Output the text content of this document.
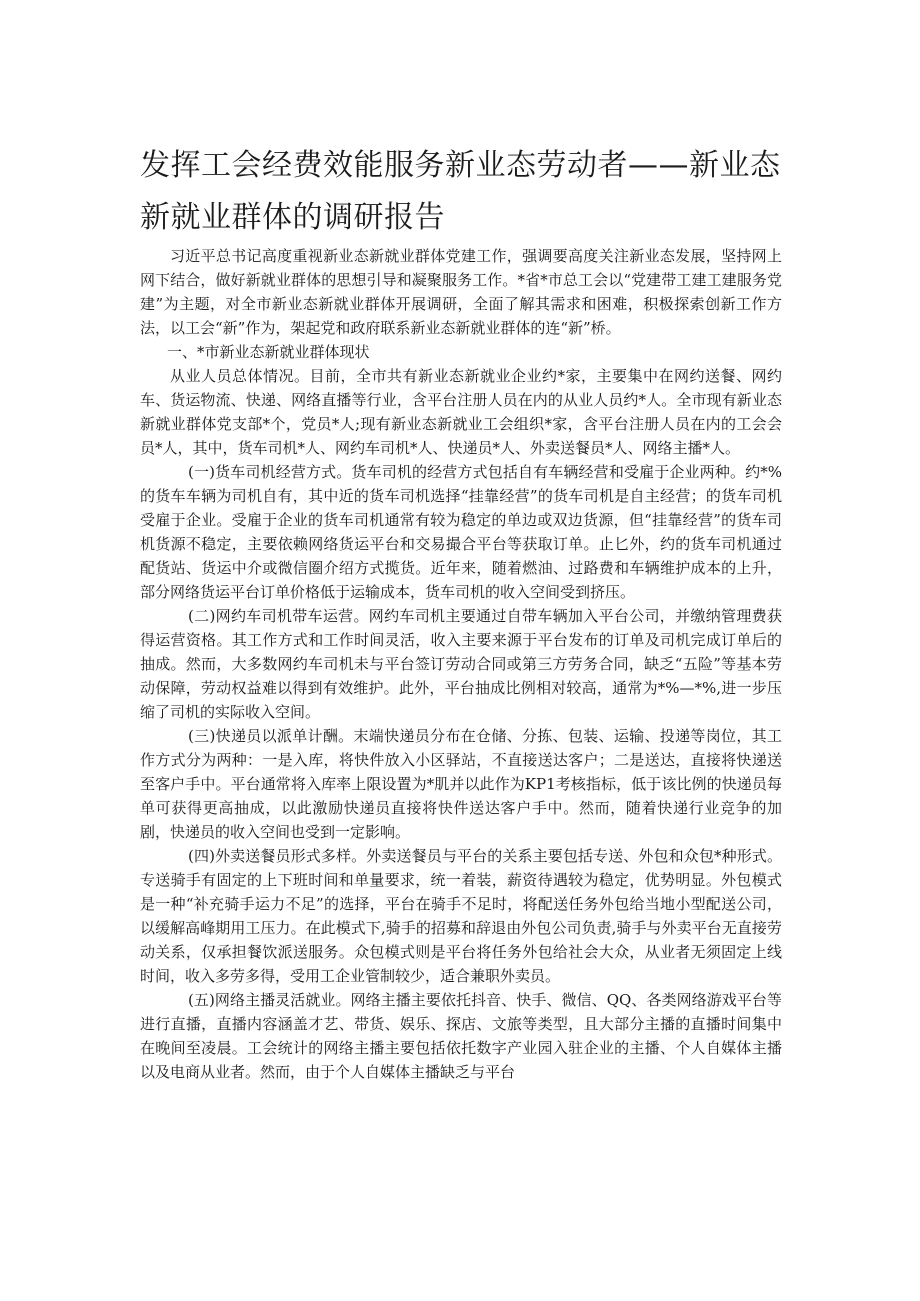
发挥工会经费效能服务新业态劳动者——新业态新就业群体的调研报告

习近平总书记高度重视新业态新就业群体党建工作，强调要高度关注新业态发展，坚持网上网下结合，做好新就业群体的思想引导和凝聚服务工作。*省*市总工会以“党建带工建工建服务党建”为主题，对全市新业态新就业群体开展调研，全面了解其需求和困难，积极探索创新工作方法，以工会“新”作为，架起党和政府联系新业态新就业群体的连“新”桥。

一、*市新业态新就业群体现状

从业人员总体情况。目前，全市共有新业态新就业企业约*家，主要集中在网约送餐、网约车、货运物流、快递、网络直播等行业，含平台注册人员在内的从业人员约*人。全市现有新业态新就业群体党支部*个，党员*人;现有新业态新就业工会组织*家，含平台注册人员在内的工会会员*人，其中，货车司机*人、网约车司机*人、快递员*人、外卖送餐员*人、网络主播*人。

(一)货车司机经营方式。货车司机的经营方式包括自有车辆经营和受雇于企业两种。约*%的货车车辆为司机自有，其中近的货车司机选择“挂靠经营”的货车司机是自主经营；的货车司机受雇于企业。受雇于企业的货车司机通常有较为稳定的单边或双边货源，但“挂靠经营”的货车司机货源不稳定，主要依赖网络货运平台和交易撮合平台等获取订单。止匕外，约的货车司机通过配货站、货运中介或微信圈介绍方式揽货。近年来，随着燃油、过路费和车辆维护成本的上升，部分网络货运平台订单价格低于运输成本，货车司机的收入空间受到挤压。

(二)网约车司机带车运营。网约车司机主要通过自带车辆加入平台公司，并缴纳管理费获得运营资格。其工作方式和工作时间灵活，收入主要来源于平台发布的订单及司机完成订单后的抽成。然而，大多数网约车司机未与平台签订劳动合同或第三方劳务合同，缺乏“五险”等基本劳动保障，劳动权益难以得到有效维护。此外，平台抽成比例相对较高，通常为*%—*%,进一步压缩了司机的实际收入空间。

(三)快递员以派单计酬。末端快递员分布在仓储、分拣、包装、运输、投递等岗位，其工作方式分为两种：一是入库，将快件放入小区驿站，不直接送达客户；二是送达，直接将快递送至客户手中。平台通常将入库率上限设置为*肌并以此作为KP1考核指标，低于该比例的快递员每单可获得更高抽成，以此激励快递员直接将快件送达客户手中。然而，随着快递行业竞争的加剧，快递员的收入空间也受到一定影响。

(四)外卖送餐员形式多样。外卖送餐员与平台的关系主要包括专送、外包和众包*种形式。专送骑手有固定的上下班时间和单量要求，统一着装，薪资待遇较为稳定，优势明显。外包模式是一种“补充骑手运力不足”的选择，平台在骑手不足时，将配送任务外包给当地小型配送公司，以缓解高峰期用工压力。在此模式下,骑手的招募和辞退由外包公司负责,骑手与外卖平台无直接劳动关系，仅承担餐饮派送服务。众包模式则是平台将任务外包给社会大众，从业者无须固定上线时间，收入多劳多得，受用工企业管制较少，适合兼职外卖员。

(五)网络主播灵活就业。网络主播主要依托抖音、快手、微信、QQ、各类网络游戏平台等进行直播，直播内容涵盖才艺、带货、娱乐、探店、文旅等类型，且大部分主播的直播时间集中在晚间至凌晨。工会统计的网络主播主要包括依托数字产业园入驻企业的主播、个人自媒体主播以及电商从业者。然而，由于个人自媒体主播缺乏与平台
